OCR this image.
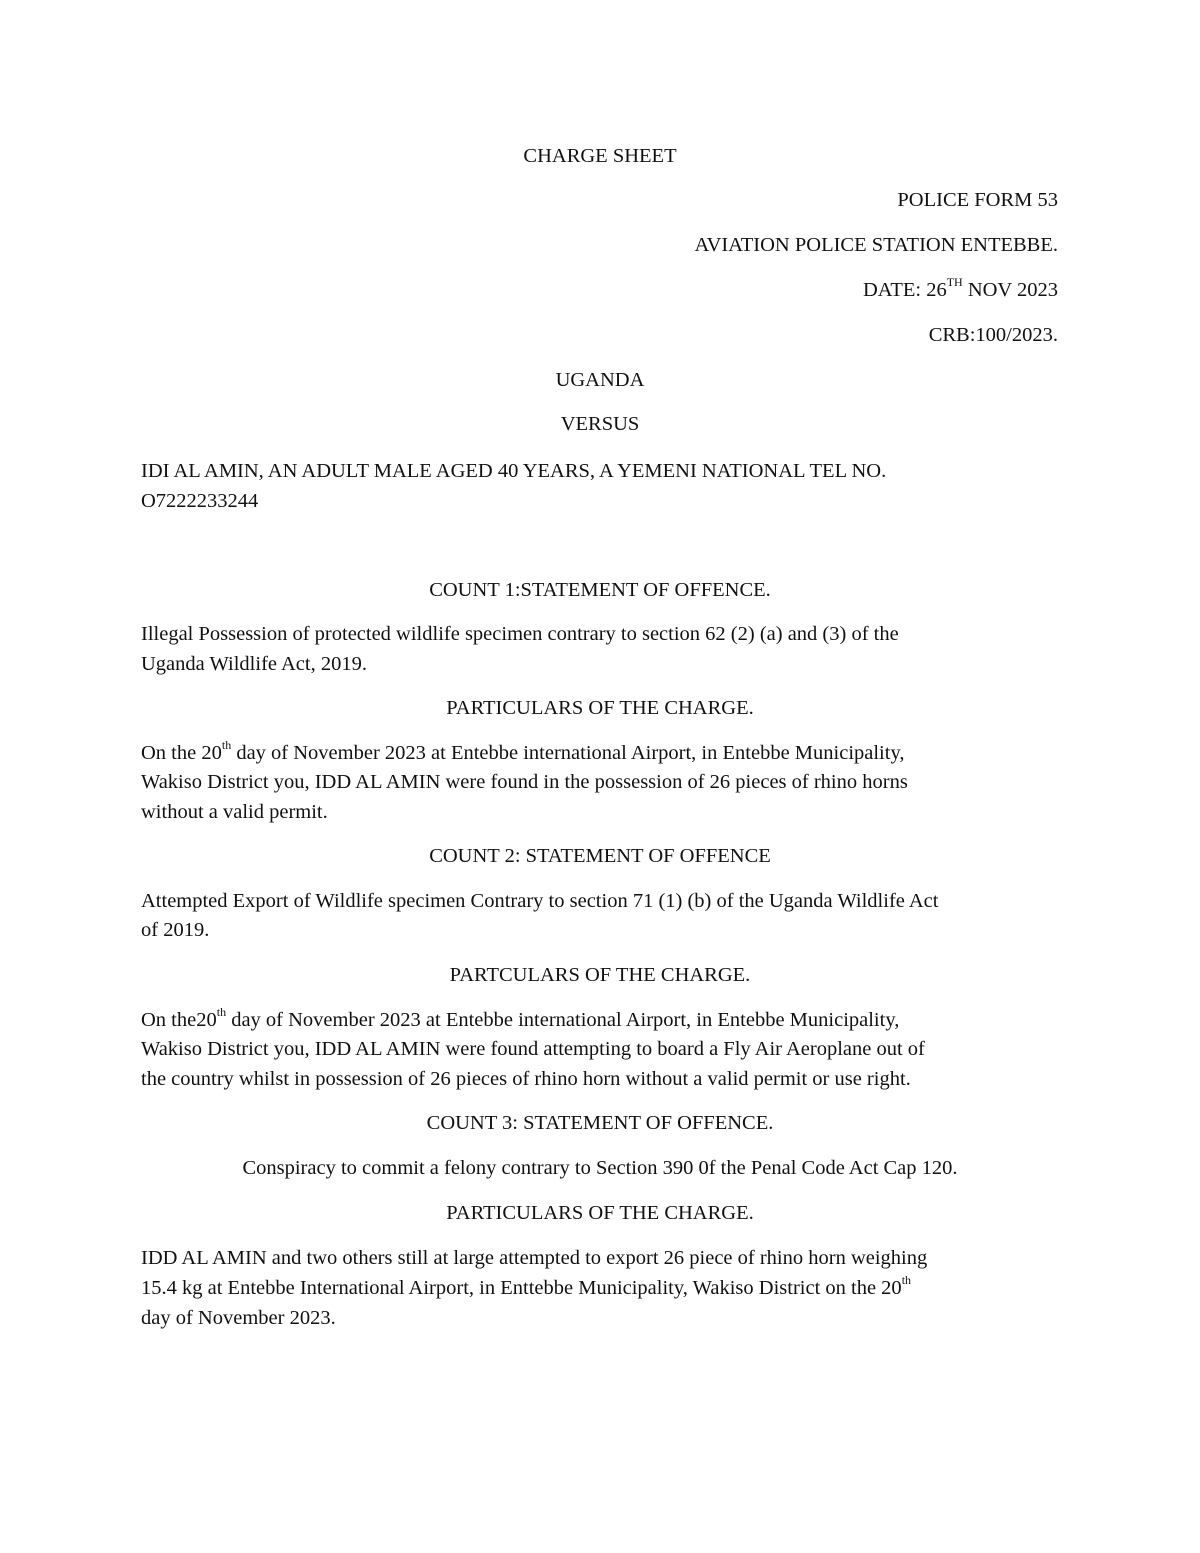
CHARGE SHEET
POLICE FORM 53
AVIATION POLICE STATION ENTEBBE.
DATE: 26TH NOV 2023
CRB:100/2023.
UGANDA
VERSUS
IDI AL AMIN, AN ADULT MALE AGED 40 YEARS, A YEMENI NATIONAL TEL NO.
O7222233244
COUNT 1:STATEMENT OF OFFENCE.
Illegal Possession of protected wildlife specimen contrary to section 62 (2) (a) and (3) of the
Uganda Wildlife Act, 2019.
PARTICULARS OF THE CHARGE.
On the 20th day of November 2023 at Entebbe international Airport, in Entebbe Municipality,
Wakiso District you, IDD AL AMIN were found in the possession of 26 pieces of rhino horns
without a valid permit.
COUNT 2: STATEMENT OF OFFENCE
Attempted Export of Wildlife specimen Contrary to section 71 (1) (b) of the Uganda Wildlife Act
of 2019.
PARTCULARS OF THE CHARGE.
On the20th day of November 2023 at Entebbe international Airport, in Entebbe Municipality,
Wakiso District you, IDD AL AMIN were found attempting to board a Fly Air Aeroplane out of
the country whilst in possession of 26 pieces of rhino horn without a valid permit or use right.
COUNT 3: STATEMENT OF OFFENCE.
Conspiracy to commit a felony contrary to Section 390 0f the Penal Code Act Cap 120.
PARTICULARS OF THE CHARGE.
IDD AL AMIN and two others still at large attempted to export 26 piece of rhino horn weighing
15.4 kg at Entebbe International Airport, in Enttebbe Municipality, Wakiso District on the 20th
day of November 2023.
